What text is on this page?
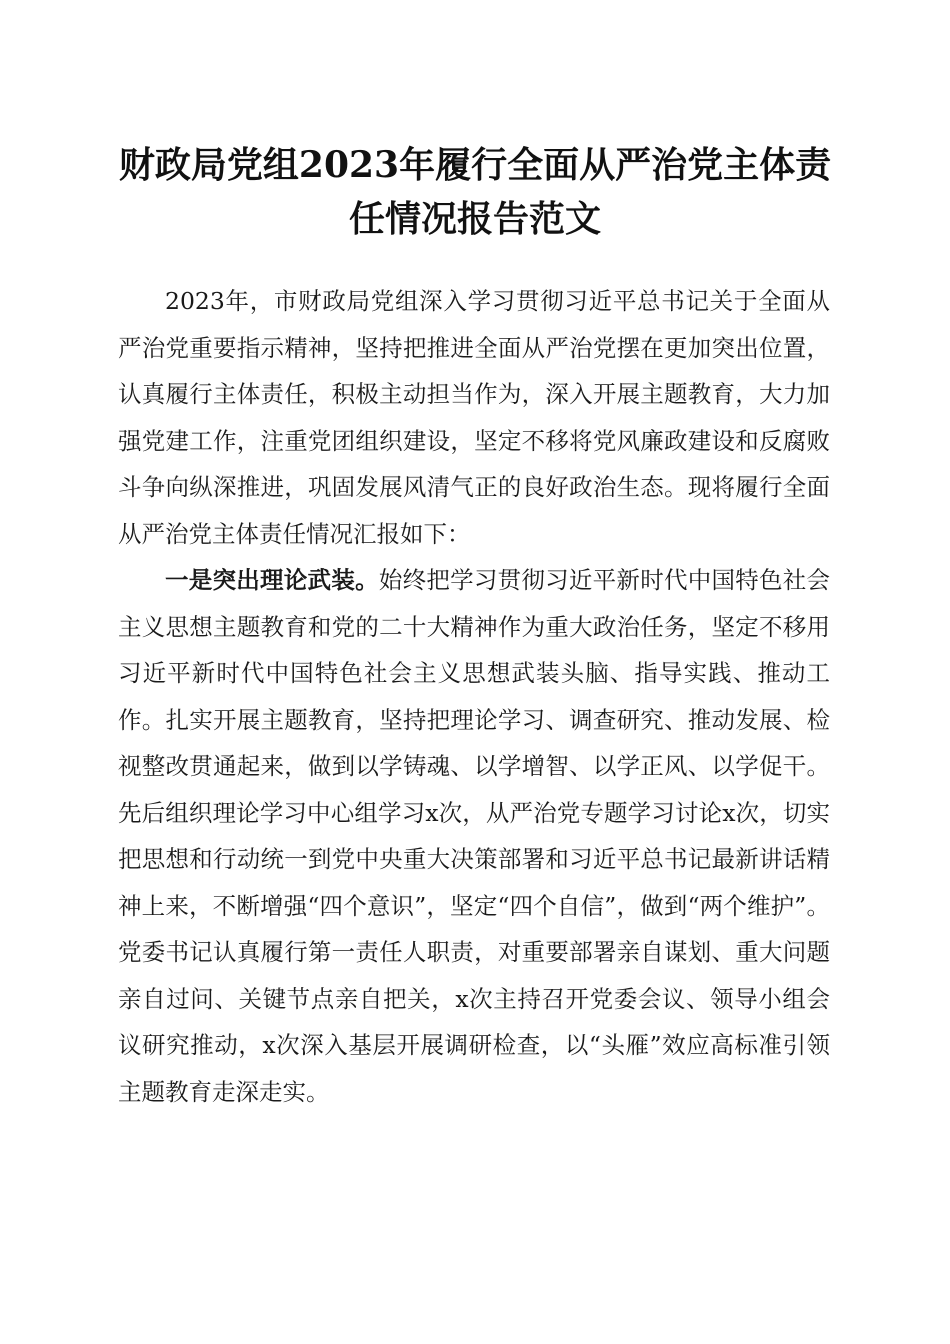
财政局党组2023年履行全面从严治党主体责
任情况报告范文

2023年，市财政局党组深入学习贯彻习近平总书记关于全面从严治党重要指示精神，坚持把推进全面从严治党摆在更加突出位置，认真履行主体责任，积极主动担当作为，深入开展主题教育，大力加强党建工作，注重党团组织建设，坚定不移将党风廉政建设和反腐败斗争向纵深推进，巩固发展风清气正的良好政治生态。现将履行全面从严治党主体责任情况汇报如下：

一是突出理论武装。始终把学习贯彻习近平新时代中国特色社会主义思想主题教育和党的二十大精神作为重大政治任务，坚定不移用习近平新时代中国特色社会主义思想武装头脑、指导实践、推动工作。扎实开展主题教育，坚持把理论学习、调查研究、推动发展、检视整改贯通起来，做到以学铸魂、以学增智、以学正风、以学促干。先后组织理论学习中心组学习x次，从严治党专题学习讨论x次，切实把思想和行动统一到党中央重大决策部署和习近平总书记最新讲话精神上来，不断增强“四个意识”，坚定“四个自信”，做到“两个维护”。党委书记认真履行第一责任人职责，对重要部署亲自谋划、重大问题亲自过问、关键节点亲自把关，x次主持召开党委会议、领导小组会议研究推动，x次深入基层开展调研检查，以“头雁”效应高标准引领主题教育走深走实。
